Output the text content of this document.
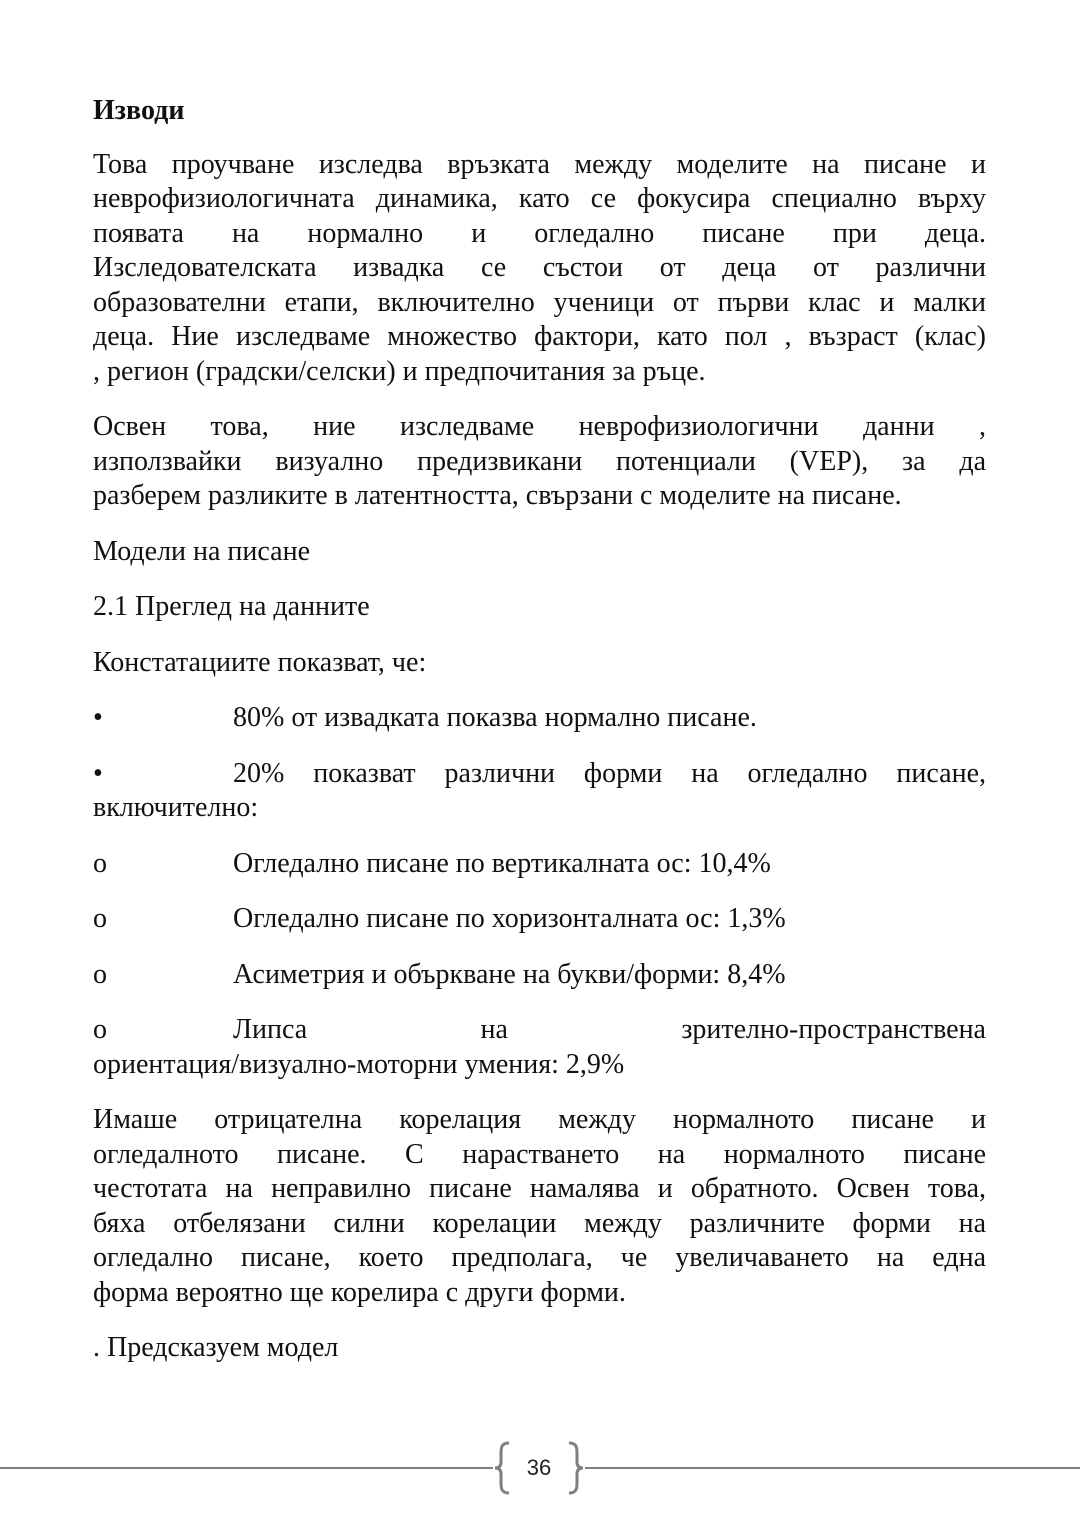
Изводи
Това проучване изследва връзката между моделите на писане и
неврофизиологичната динамика, като се фокусира специално върху
появата на нормално и огледално писане при деца.
Изследователската извадка се състои от деца от различни
образователни етапи, включително ученици от първи клас и малки
деца. Ние изследваме множество фактори, като пол , възраст (клас)
, регион (градски/селски) и предпочитания за ръце.
Освен това, ние изследваме неврофизиологични данни ,
използвайки визуално предизвикани потенциали (VEP), за да
разберем разликите в латентността, свързани с моделите на писане.
Модели на писане
2.1 Преглед на данните
Констатациите показват, че:
•	80% от извадката показва нормално писане.
•	20% показват различни форми на огледално писане,
включително:
o	Огледално писане по вертикалната ос: 10,4%
o	Огледално писане по хоризонталната ос: 1,3%
o	Асиметрия и объркване на букви/форми: 8,4%
o	Липса	на	зрително-пространствена
ориентация/визуално-моторни умения: 2,9%
Имаше отрицателна корелация между нормалното писане и
огледалното писане. С нарастването на нормалното писане
честотата на неправилно писане намалява и обратното. Освен това,
бяха отбелязани силни корелации между различните форми на
огледално писане, което предполага, че увеличаването на една
форма вероятно ще корелира с други форми.
. Предсказуем модел
36
